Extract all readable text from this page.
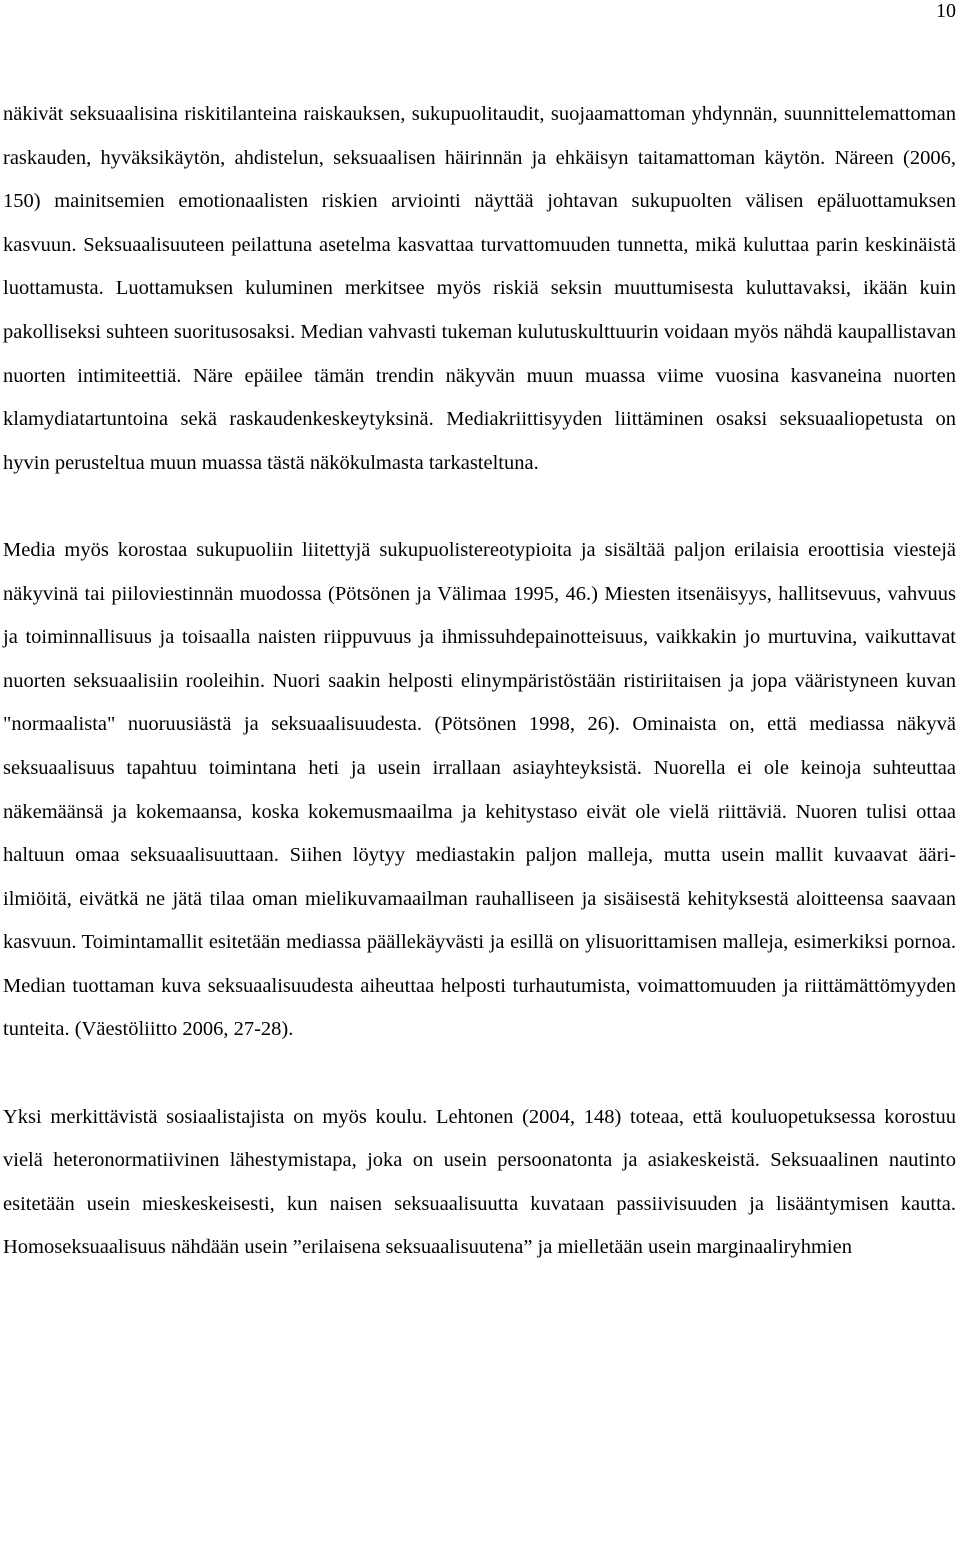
10

näkivät seksuaalisina riskitilanteina raiskauksen, sukupuolitaudit, suojaamattoman yhdynnän, suunnittelemattoman raskauden, hyväksikäytön, ahdistelun, seksuaalisen häirinnän ja ehkäisyn taitamattoman käytön. Näreen (2006, 150) mainitsemien emotionaalisten riskien arviointi näyttää johtavan sukupuolten välisen epäluottamuksen kasvuun. Seksuaalisuuteen peilattuna asetelma kasvattaa turvattomuuden tunnetta, mikä kuluttaa parin keskinäistä luottamusta. Luottamuksen kuluminen merkitsee myös riskiä seksin muuttumisesta kuluttavaksi, ikään kuin pakolliseksi suhteen suoritusosaksi. Median vahvasti tukeman kulutuskulttuurin voidaan myös nähdä kaupallistavan nuorten intimiteettiä. Näre epäilee tämän trendin näkyvän muun muassa viime vuosina kasvaneina nuorten klamydiatartuntoina sekä raskaudenkeskeytyksinä. Mediakriittisyyden liittäminen osaksi seksuaaliopetusta on hyvin perusteltua muun muassa tästä näkökulmasta tarkasteltuna.

Media myös korostaa sukupuoliin liitettyjä sukupuolistereotypioita ja sisältää paljon erilaisia eroottisia viestejä näkyvinä tai piiloviestinnän muodossa (Pötsönen ja Välimaa 1995, 46.) Miesten itsenäisyys, hallitsevuus, vahvuus ja toiminnallisuus ja toisaalla naisten riippuvuus ja ihmissuhdepainotteisuus, vaikkakin jo murtuvina, vaikuttavat nuorten seksuaalisiin rooleihin. Nuori saakin helposti elinympäristöstään ristiriitaisen ja jopa vääristyneen kuvan "normaalista" nuoruusiästä ja seksuaalisuudesta. (Pötsönen 1998, 26). Ominaista on, että mediassa näkyvä seksuaalisuus tapahtuu toimintana heti ja usein irrallaan asiayhteyksistä. Nuorella ei ole keinoja suhteuttaa näkemäänsä ja kokemaansa, koska kokemusmaailma ja kehitystaso eivät ole vielä riittäviä. Nuoren tulisi ottaa haltuun omaa seksuaalisuuttaan. Siihen löytyy mediastakin paljon malleja, mutta usein mallit kuvaavat ääri-ilmiöitä, eivätkä ne jätä tilaa oman mielikuvamaailman rauhalliseen ja sisäisestä kehityksestä aloitteensa saavaan kasvuun. Toimintamallit esitetään mediassa päällekäyvästi ja esillä on ylisuorittamisen malleja, esimerkiksi pornoa. Median tuottaman kuva seksuaalisuudesta aiheuttaa helposti turhautumista, voimattomuuden ja riittämättömyyden tunteita. (Väestöliitto 2006, 27-28).

Yksi merkittävistä sosiaalistajista on myös koulu. Lehtonen (2004, 148) toteaa, että kouluopetuksessa korostuu vielä heteronormatiivinen lähestymistapa, joka on usein persoonatonta ja asiakeskeistä. Seksuaalinen nautinto esitetään usein mieskeskeisesti, kun naisen seksuaalisuutta kuvataan passiivisuuden ja lisääntymisen kautta. Homoseksuaalisuus nähdään usein ”erilaisena seksuaalisuutena” ja mielletään usein marginaaliryhmien
